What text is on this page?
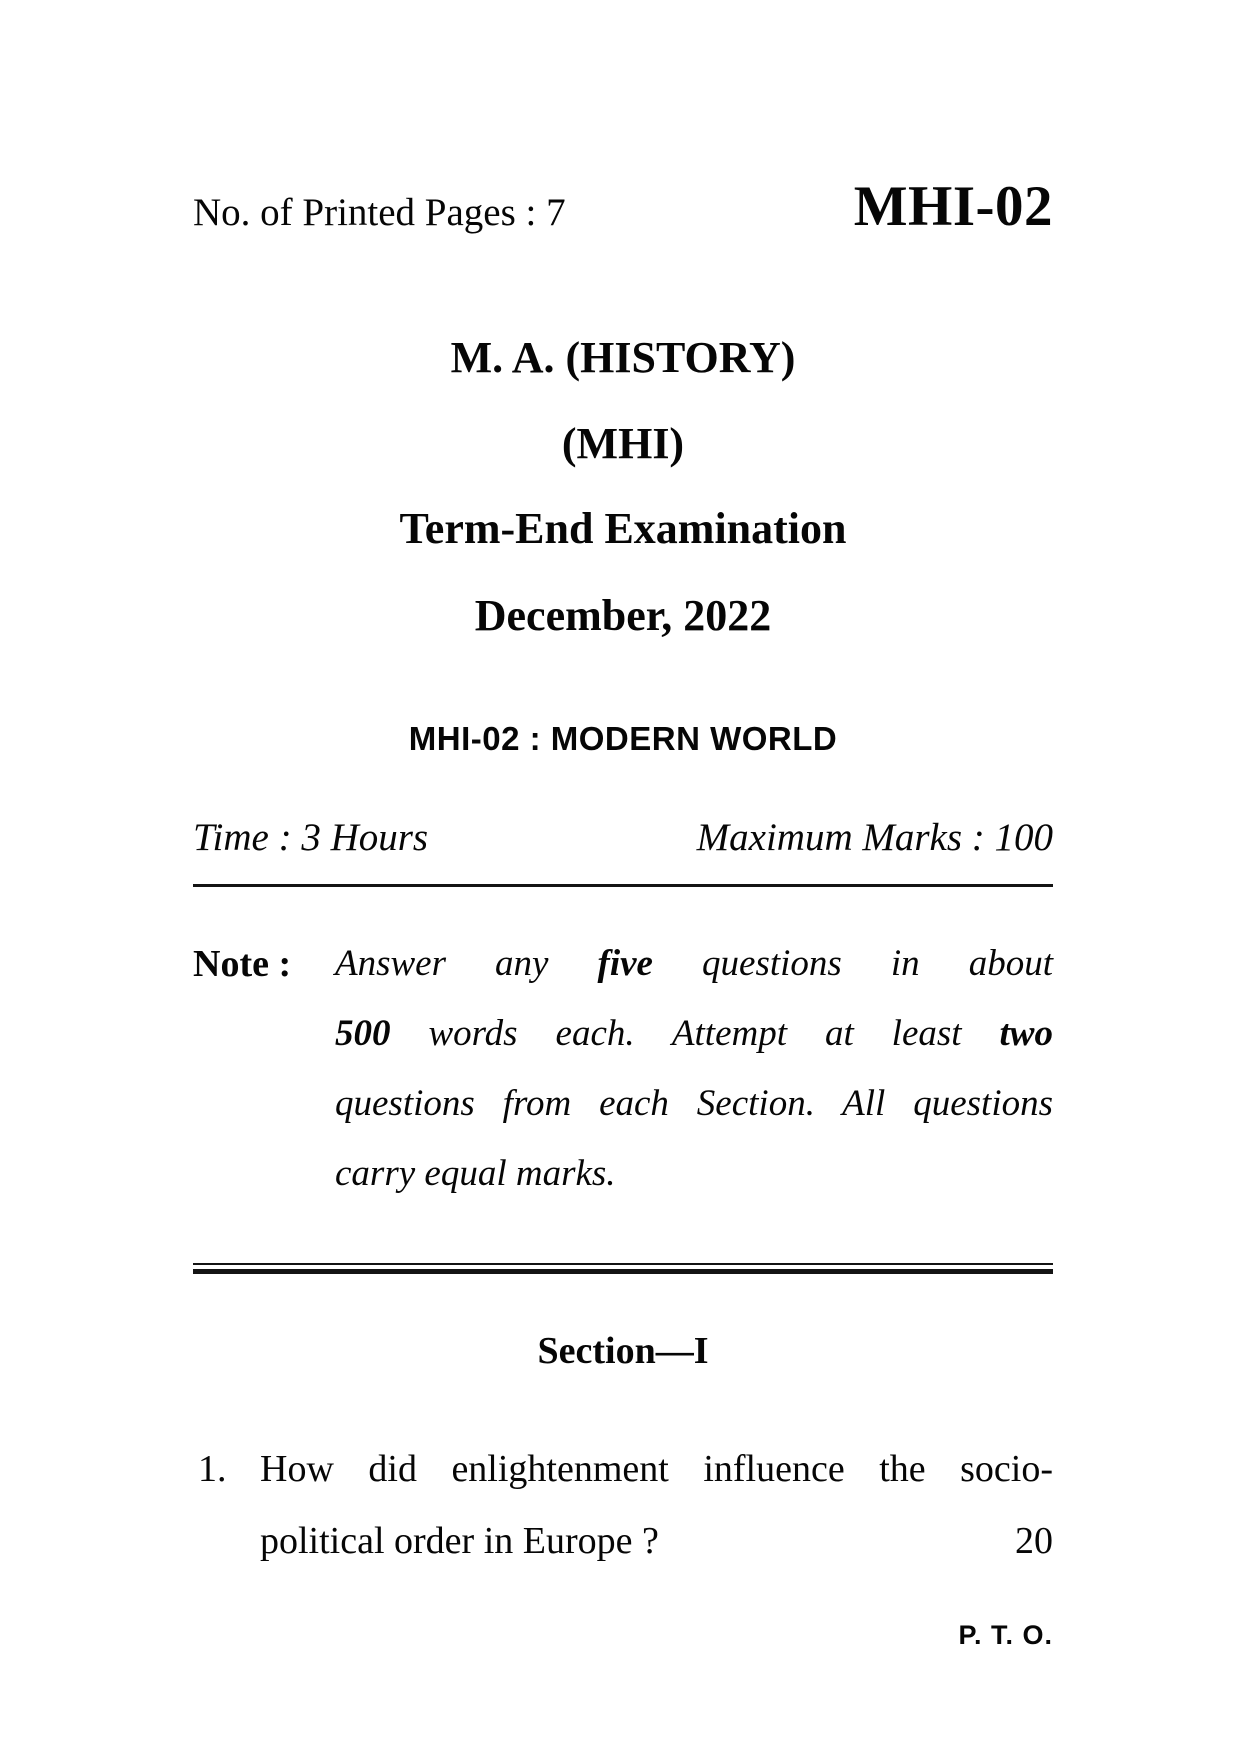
No. of Printed Pages : 7	MHI-02
M. A. (HISTORY)
(MHI)
Term-End Examination
December, 2022
MHI-02 : MODERN WORLD
Time : 3 Hours	Maximum Marks : 100
Note : Answer any five questions in about
500 words each. Attempt at least two
questions from each Section. All questions
carry equal marks.
Section—I
1. How did enlightenment influence the socio-
political order in Europe ?	20
P. T. O.
